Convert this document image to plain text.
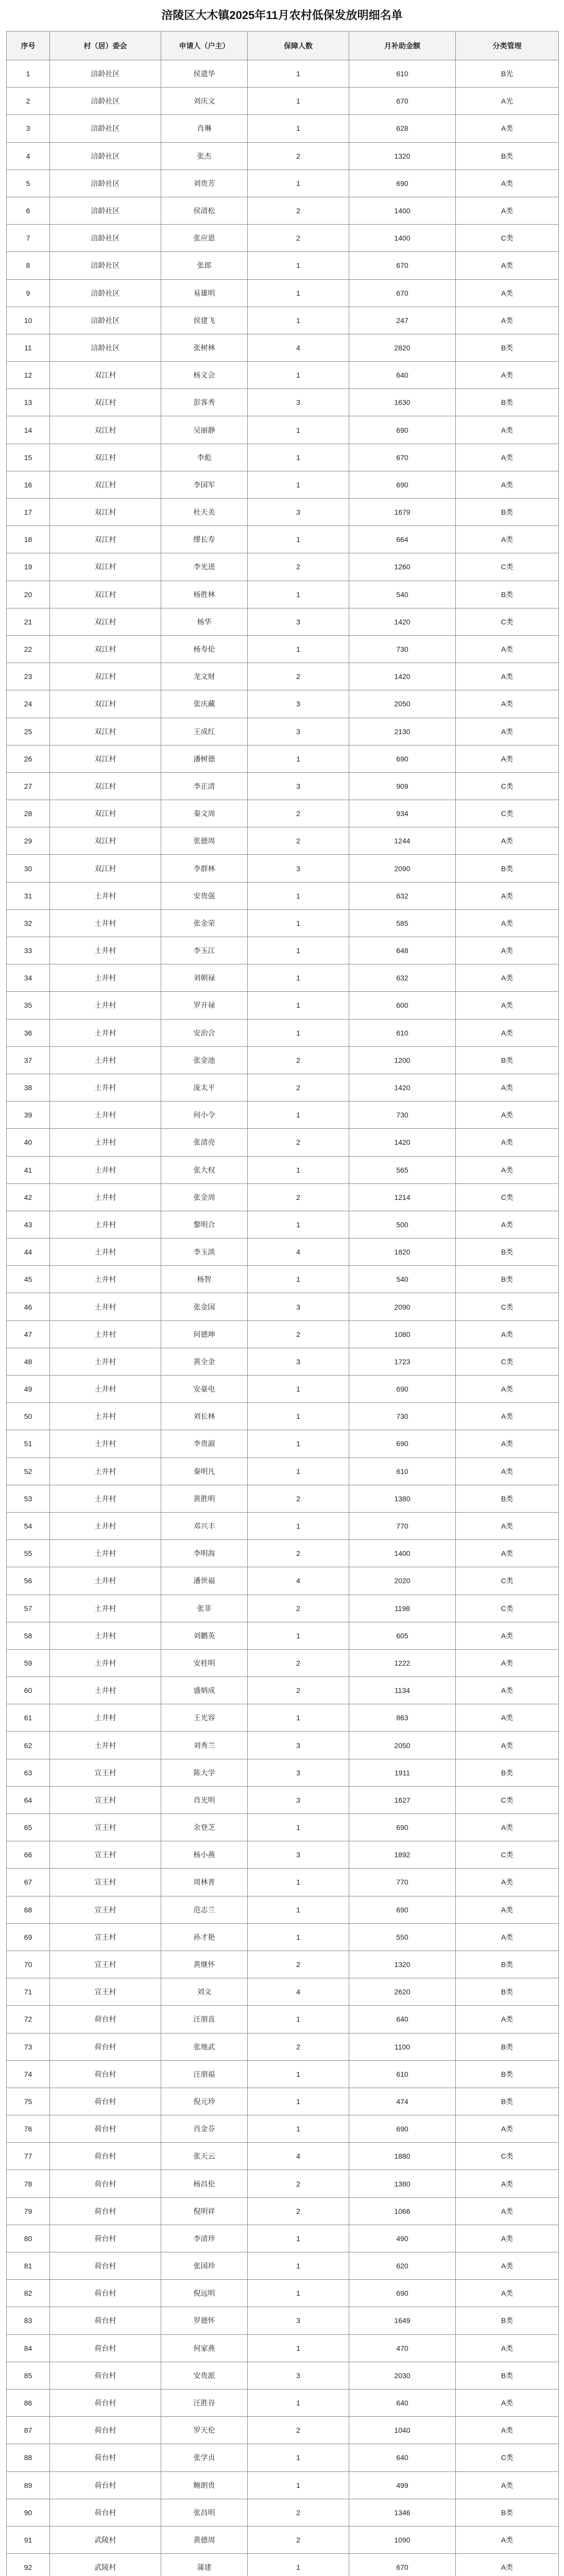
涪陵区大木镇2025年11月农村低保发放明细名单
序号	村（居）委会	申请人（户主）	保障人数	月补助金额	分类管理
1	涪龄社区	侯遗华	1	610	B光
2	涪龄社区	刘庆文	1	670	A光
3	涪龄社区	肖琳	1	628	A类
4	涪龄社区	张杰	2	1320	B类
5	涪龄社区	刘贵芳	1	690	A类
6	涪龄社区	侯清松	2	1400	A类
7	涪龄社区	张应恩	2	1400	C类
8	涪龄社区	张郎	1	670	A类
9	涪龄社区	易雄明	1	670	A类
10	涪龄社区	侯建飞	1	247	A类
11	涪龄社区	张树林	4	2820	B类
12	双江村	杨义会	1	640	A类
13	双江村	彭客秀	3	1630	B类
14	双江村	吴丽静	1	690	A类
15	双江村	李彪	1	670	A类
16	双江村	李国军	1	690	A类
17	双江村	杜天美	3	1679	B类
18	双江村	缪长寿	1	664	A类
19	双江村	李光进	2	1260	C类
20	双江村	杨胜林	1	540	B类
21	双江村	杨华	3	1420	C类
22	双江村	杨寿伦	1	730	A类
23	双江村	龙文财	2	1420	A类
24	双江村	张庆藏	3	2050	A类
25	双江村	王成红	3	2130	A类
26	双江村	潘树德	1	690	A类
27	双江村	李正清	3	909	C类
28	双江村	秦文周	2	934	C类
29	双江村	张德周	2	1244	A类
30	双江村	李群林	3	2090	B类
31	土井村	安贵强	1	632	A类
32	土井村	张金荣	1	585	A类
33	土井村	李玉江	1	648	A类
34	土井村	刘朝禄	1	632	A类
35	土井村	罗开禄	1	600	A类
36	土井村	安治合	1	610	A类
37	土井村	张金池	2	1200	B类
38	土井村	庞太平	2	1420	A类
39	土井村	何小令	1	730	A类
40	土井村	张清亮	2	1420	A类
41	土井村	张大权	1	565	A类
42	土井村	张金周	2	1214	C类
43	土井村	黎明合	1	500	A类
44	土井村	李玉淡	4	1820	B类
45	土井村	杨智	1	540	B类
46	土井村	张金国	3	2090	C类
47	土井村	何德坤	2	1080	A类
48	土井村	黄全金	3	1723	C类
49	土井村	安豪电	1	690	A类
50	土井村	刘长林	1	730	A类
51	土井村	李贵淑	1	690	A类
52	土井村	秦明凡	1	610	A类
53	土井村	黄胜明	2	1380	B类
54	土井村	邓兴丰	1	770	A类
55	土井村	李明海	2	1400	A类
56	土井村	潘世福	4	2020	C类
57	土井村	张菲	2	1198	C类
58	土井村	刘鹏英	1	605	A类
59	土井村	安桂明	2	1222	A类
60	土井村	盛炳成	2	1134	A类
61	土井村	王光容	1	863	A类
62	土井村	刘秀兰	3	2050	A类
63	宣王村	陈大学	3	1911	B类
64	宣王村	肖光明	3	1627	C类
65	宣王村	余登芝	1	690	A类
66	宣王村	杨小燕	3	1892	C类
67	宣王村	周林普	1	770	A类
68	宣王村	范志兰	1	690	A类
69	宣王村	孙才艳	1	550	A类
70	宣王村	黄继怀	2	1320	B类
71	宣王村	刘文	4	2620	B类
72	荷台村	汪朋直	1	640	A类
73	荷台村	张地武	2	1100	B类
74	荷台村	汪朋福	1	610	B类
75	荷台村	倪元珍	1	474	B类
76	荷台村	肖金芬	1	690	A类
77	荷台村	张天云	4	1880	C类
78	荷台村	杨昌伦	2	1380	A类
79	荷台村	倪明祥	2	1066	A类
80	荷台村	李清珍	1	490	A类
81	荷台村	张国珍	1	620	A类
82	荷台村	倪远明	1	690	A类
83	荷台村	罗德怀	3	1649	B类
84	荷台村	何家燕	1	470	A类
85	荷台村	安贵派	3	2030	B类
86	荷台村	汪胜谷	1	640	A类
87	荷台村	罗天伦	2	1040	A类
88	荷台村	张学贞	1	640	C类
89	荷台村	鲍朗贵	1	499	A类
90	荷台村	张昌明	2	1346	B类
91	武陵村	黄德周	2	1090	A类
92	武陵村	蒲建	1	670	A类
